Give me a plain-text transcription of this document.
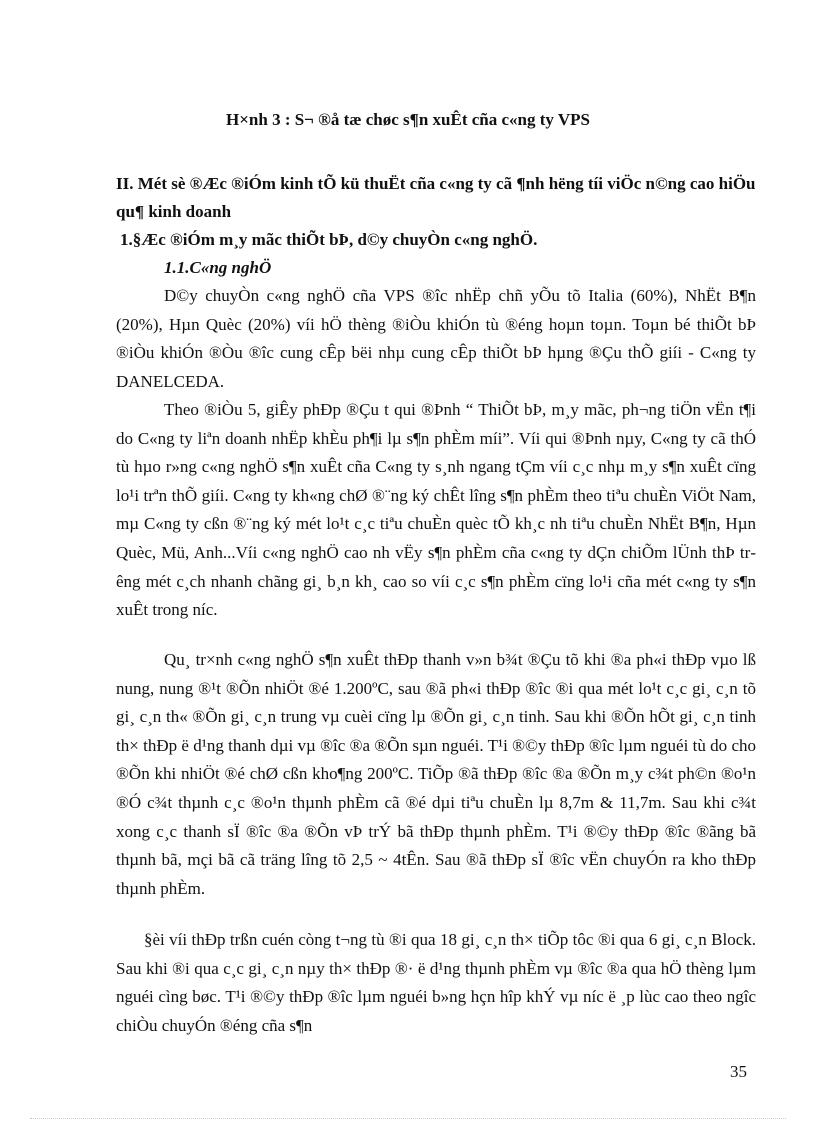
H×nh 3 : S¬ ®å tæ chøc s¶n xuÊt cña c«ng ty VPS
II. Mét sè ®Æc ®iÓm kinh tÕ kü thuËt cña c«ng ty cã ¶nh hëng tíi viÖc n©ng cao hiÖu qu¶ kinh doanh
1.§Æc ®iÓm m¸y mãc thiÕt bÞ, d©y chuyÒn c«ng nghÖ.
1.1.C«ng nghÖ

D©y chuyÒn c«ng nghÖ cña VPS ®îc nhËp chñ yÕu tõ Italia (60%), NhËt B¶n (20%), Hµn Quèc (20%) víi hÖ thèng ®iÒu khiÓn tù ®éng hoµn toµn. Toµn bé thiÕt bÞ ®iÒu khiÓn ®Òu ®îc cung cÊp bëi nhµ cung cÊp thiÕt bÞ hµng ®Çu thÕ giíi - C«ng ty DANELCEDA.

Theo ®iÒu 5, giÊy phÐp ®Çu t qui ®Þnh “ ThiÕt bÞ, m¸y mãc, ph¬ng tiÖn vËn t¶i do C«ng ty liªn doanh nhËp khÈu ph¶i lµ s¶n phÈm míi”. Víi qui ®Þnh nµy, C«ng ty cã thÓ tù hµo r»ng c«ng nghÖ s¶n xuÊt cña C«ng ty s¸nh ngang tÇm víi c¸c nhµ m¸y s¶n xuÊt cïng lo¹i trªn thÕ giíi. C«ng ty kh«ng chØ ®¨ng ký chÊt lîng s¶n phÈm theo tiªu chuÈn ViÖt Nam, mµ C«ng ty cßn ®¨ng ký mét lo¹t c¸c tiªu chuÈn quèc tÕ kh¸c nh tiªu chuÈn NhËt B¶n, Hµn Quèc, Mü, Anh...Víi c«ng nghÖ cao nh vËy s¶n phÈm cña c«ng ty dÇn chiÕm lÜnh thÞ trêng mét c¸ch nhanh chãng gi¸ b¸n kh¸ cao so víi c¸c s¶n phÈm cïng lo¹i cña mét c«ng ty s¶n xuÊt trong níc.

Qu¸ tr×nh c«ng nghÖ s¶n xuÊt thÐp thanh v»n b¾t ®Çu tõ khi ®a ph«i thÐp vµo lß nung, nung ®¹t ®Õn nhiÖt ®é 1.200ºC, sau ®ã ph«i thÐp ®îc ®i qua mét lo¹t c¸c gi¸ c¸n tõ gi¸ c¸n th« ®Õn gi¸ c¸n trung vµ cuèi cïng lµ ®Õn gi¸ c¸n tinh. Sau khi ®Õn hÕt gi¸ c¸n tinh th× thÐp ë d¹ng thanh dµi vµ ®îc ®a ®Õn sµn nguéi. T¹i ®©y thÐp ®îc lµm nguéi tù do cho ®Õn khi nhiÖt ®é chØ cßn kho¶ng 200ºC. TiÕp ®ã thÐp ®îc ®a ®Õn m¸y c¾t ph©n ®o¹n ®Ó c¾t thµnh c¸c ®o¹n thµnh phÈm cã ®é dµi tiªu chuÈn lµ 8,7m & 11,7m. Sau khi c¾t xong c¸c thanh sÏ ®îc ®a ®Õn vÞ trÝ bã thÐp thµnh phÈm. T¹i ®©y thÐp ®îc ®ãng bã thµnh bã, mçi bã cã träng lîng tõ 2,5 ~ 4tÊn. Sau ®ã thÐp sÏ ®îc vËn chuyÓn ra kho thÐp thµnh phÈm.

§èi víi thÐp trßn cuén còng t¬ng tù ®i qua 18 gi¸ c¸n th× tiÕp tôc ®i qua 6 gi¸ c¸n Block. Sau khi ®i qua c¸c gi¸ c¸n nµy th× thÐp ®· ë d¹ng thµnh phÈm vµ ®îc ®a qua hÖ thèng lµm nguéi cìng bøc. T¹i ®©y thÐp ®îc lµm nguéi b»ng hçn hîp khÝ vµ níc ë ¸p lùc cao theo ngîc chiÒu chuyÓn ®éng cña s¶n

35
